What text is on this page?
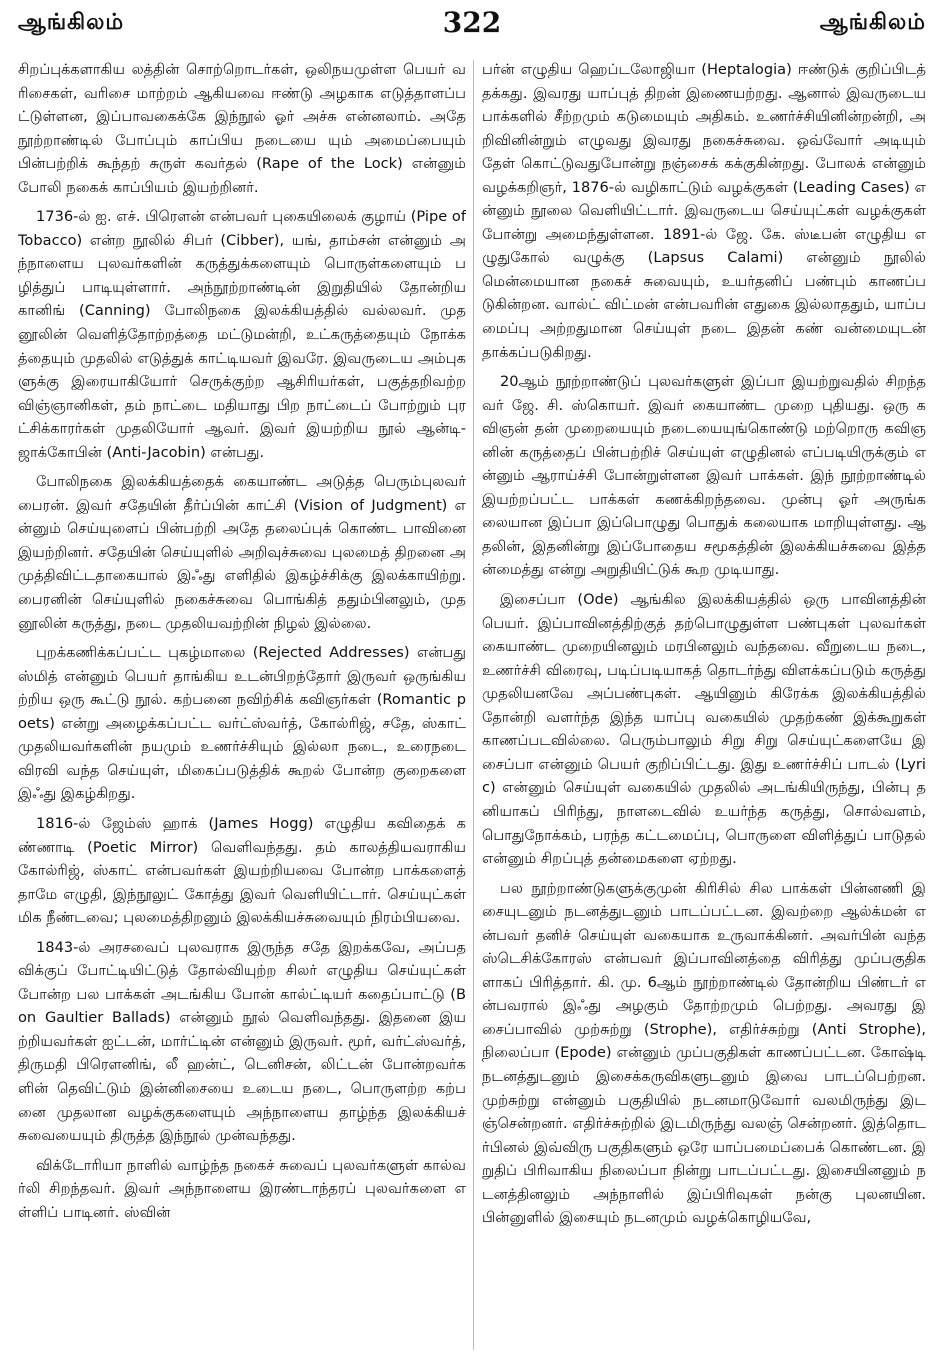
ஆங்கிலம்	322	ஆங்கிலம்

சிறப்புக்களாகிய லத்தின் சொற்றொடர்கள், ஒலிநயமுள்ள பெயர் வரிசைகள், வரிசை மாற்றம் ஆகியவை ஈண்டு அழகாக எடுத்தாளப்பட்டுள்ளன, இப்பாவகைக்கே இந்நூல் ஓர் அச்சு என்னலாம். அதே நூற்றாண்டில் போப்பும் காப்பிய நடையை யும் அமைப்பையும் பின்பற்றிக் கூந்தற் சுருள் கவர்தல் (Rape of the Lock) என்னும் போலி நகைக் காப்பியம் இயற்றினர்.

1736-ல் ஐ. எச். பிரௌன் என்பவர் புகையிலைக் குழாய் (Pipe of Tobacco) என்ற நூலில் சிபர் (Cibber), யங், தாம்சன் என்னும் அந்நாளைய புலவர்களின் கருத்துக்களையும் பொருள்களையும் பழித்துப் பாடியுள்ளார். அந்நூற்றாண்டின் இறுதியில் தோன்றிய கானிங் (Canning) போலிநகை இலக்கியத்தில் வல்லவர். முதனூலின் வெளித்தோற்றத்தை மட்டுமன்றி, உட்கருத்தையும் நோக்கத்தையும் முதலில் எடுத்துக் காட்டியவர் இவரே. இவருடைய அம்புகளுக்கு இரையாகியோர் செருக்குற்ற ஆசிரியர்கள், பகுத்தறிவற்ற விஞ்ஞானிகள், தம் நாட்டை மதியாது பிற நாட்டைப் போற்றும் புரட்சிக்காரர்கள் முதலியோர் ஆவர். இவர் இயற்றிய நூல் ஆன்டி-ஜாக்கோபின் (Anti-Jacobin) என்பது.

போலிநகை இலக்கியத்தைக் கையாண்ட அடுத்த பெரும்புலவர் பைரன். இவர் சதேயின் தீர்ப்பின் காட்சி (Vision of Judgment) என்னும் செய்யுளைப் பின்பற்றி அதே தலைப்புக் கொண்ட பாவினை இயற்றினர். சதேயின் செய்யுளில் அறிவுச்சுவை புலமைத் திறனை அமுத்திவிட்டதாகையால் இஃது எளிதில் இகழ்ச்சிக்கு இலக்காயிற்று. பைரனின் செய்யுளில் நகைச்சுவை பொங்கித் ததும்பினலும், முதனூலின் கருத்து, நடை முதலியவற்றின் நிழல் இல்லை.

புறக்கணிக்கப்பட்ட புகழ்மாலை (Rejected Addresses) என்பது ஸ்மித் என்னும் பெயர் தாங்கிய உடன்பிறந்தோர் இருவர் ஒருங்கியற்றிய ஒரு கூட்டு நூல். கற்பனை நவிற்சிக் கவிஞர்கள் (Romantic poets) என்று அழைக்கப்பட்ட வர்ட்ஸ்வர்த், கோல்ரிஜ், சதே, ஸ்காட் முதலியவர்களின் நயமும் உணர்ச்சியும் இல்லா நடை, உரைநடை விரவி வந்த செய்யுள், மிகைப்படுத்திக் கூறல் போன்ற குறைகளை இஃது இகழ்கிறது.

1816-ல் ஜேம்ஸ் ஹாக் (James Hogg) எழுதிய கவிதைக் கண்ணாடி (Poetic Mirror) வெளிவந்தது. தம் காலத்தியவராகிய கோல்ரிஜ், ஸ்காட் என்பவர்கள் இயற்றியவை போன்ற பாக்களைத் தாமே எழுதி, இந்நூலுட் கோத்து இவர் வெளியிட்டார். செய்யுட்கள் மிக நீண்டவை; புலமைத்திறனும் இலக்கியச்சுவையும் நிரம்பியவை.

1843-ல் அரசவைப் புலவராக இருந்த சதே இறக்கவே, அப்பதவிக்குப் போட்டியிட்டுத் தோல்வியுற்ற சிலர் எழுதிய செய்யுட்கள் போன்ற பல பாக்கள் அடங்கிய போன் கால்ட்டியர் கதைப்பாட்டு (Bon Gaultier Ballads) என்னும் நூல் வெளிவந்தது. இதனை இயற்றியவர்கள் ஐட்டன், மார்ட்டின் என்னும் இருவர். மூர், வர்ட்ஸ்வர்த், திருமதி பிரௌனிங், லீ ஹன்ட், டெனிசன், லிட்டன் போன்றவர்களின் தெவிட்டும் இன்னிசையை உடைய நடை, பொருளற்ற கற்பனை முதலான வழக்குகளையும் அந்நாளைய தாழ்ந்த இலக்கியச் சுவையையும் திருத்த இந்நூல் முன்வந்தது.

விக்டோரியா நாளில் வாழ்ந்த நகைச் சுவைப் புலவர்களுள் கால்வர்லி சிறந்தவர். இவர் அந்நாளைய இரண்டாந்தரப் புலவர்களை எள்ளிப் பாடினர். ஸ்வின்

பர்ன் எழுதிய ஹெப்டலோஜியா (Heptalogia) ஈண்டுக் குறிப்பிடத் தக்கது. இவரது யாப்புத் திறன் இணையற்றது. ஆனால் இவருடைய பாக்களில் சீற்றமும் கடுமையும் அதிகம். உணர்ச்சியினின்றன்றி, அறிவினின்றும் எழுவது இவரது நகைச்சுவை. ஒவ்வோர் அடியும் தேள் கொட்டுவதுபோன்று நஞ்சைக் கக்குகின்றது. போலக் என்னும் வழக்கறிஞர், 1876-ல் வழிகாட்டும் வழக்குகள் (Leading Cases) என்னும் நூலை வெளியிட்டார். இவருடைய செய்யுட்கள் வழக்குகள் போன்று அமைந்துள்ளன. 1891-ல் ஜே. கே. ஸ்டீபன் எழுதிய எழுதுகோல் வழுக்கு (Lapsus Calami) என்னும் நூலில் மென்மையான நகைச் சுவையும், உயர்தனிப் பண்பும் காணப்படுகின்றன. வால்ட் விட்மன் என்பவரின் எதுகை இல்லாததும், யாப்பமைப்பு அற்றதுமான செய்யுள் நடை இதன் கண் வன்மையுடன் தாக்கப்படுகிறது.

20ஆம் நூற்றாண்டுப் புலவர்களுள் இப்பா இயற்றுவதில் சிறந்தவர் ஜே. சி. ஸ்கொயர். இவர் கையாண்ட முறை புதியது. ஒரு கவிஞன் தன் முறையையும் நடையையுங்கொண்டு மற்றொரு கவிஞனின் கருத்தைப் பின்பற்றிச் செய்யுள் எழுதினல் எப்படியிருக்கும் என்னும் ஆராய்ச்சி போன்றுள்ளன இவர் பாக்கள். இந் நூற்றாண்டில் இயற்றப்பட்ட பாக்கள் கணக்கிறந்தவை. முன்பு ஓர் அருங்கலையான இப்பா இப்பொழுது பொதுக் கலையாக மாறியுள்ளது. ஆதலின், இதனின்று இப்போதைய சமூகத்தின் இலக்கியச்சுவை இத்தன்மைத்து என்று அறுதியிட்டுக் கூற முடியாது.

இசைப்பா (Ode) ஆங்கில இலக்கியத்தில் ஒரு பாவினத்தின் பெயர். இப்பாவினத்திற்குத் தற்பொழுதுள்ள பண்புகள் புலவர்கள் கையாண்ட முறையினலும் மரபினலும் வந்தவை. வீறுடைய நடை, உணர்ச்சி விரைவு, படிப்படியாகத் தொடர்ந்து விளக்கப்படும் கருத்து முதலியனவே அப்பண்புகள். ஆயினும் கிரேக்க இலக்கியத்தில் தோன்றி வளர்ந்த இந்த யாப்பு வகையில் முதற்கண் இக்கூறுகள் காணப்படவில்லை. பெரும்பாலும் சிறு சிறு செய்யுட்களையே இசைப்பா என்னும் பெயர் குறிப்பிட்டது. இது உணர்ச்சிப் பாடல் (Lyric) என்னும் செய்யுள் வகையில் முதலில் அடங்கியிருந்து, பின்பு தனியாகப் பிரிந்து, நாளடைவில் உயர்ந்த கருத்து, சொல்வளம், பொதுநோக்கம், பரந்த கட்டமைப்பு, பொருளை விளித்துப் பாடுதல் என்னும் சிறப்புத் தன்மைகளை ஏற்றது.

பல நூற்றாண்டுகளுக்குமுன் கிரிசில் சில பாக்கள் பின்னணி இசையுடனும் நடனத்துடனும் பாடப்பட்டன. இவற்றை ஆல்க்மன் என்பவர் தனிச் செய்யுள் வகையாக உருவாக்கினர். அவர்பின் வந்த ஸ்டெசிக்கோரஸ் என்பவர் இப்பாவினத்தை விரித்து முப்பகுதிகளாகப் பிரித்தார். கி. மு. 6ஆம் நூற்றாண்டில் தோன்றிய பிண்டர் என்பவரால் இஃது அழகும் தோற்றமும் பெற்றது. அவரது இசைப்பாவில் முற்சுற்று (Strophe), எதிர்ச்சுற்று (Anti Strophe), நிலைப்பா (Epode) என்னும் முப்பகுதிகள் காணப்பட்டன. கோஷ்டி நடனத்துடனும் இசைக்கருவிகளுடனும் இவை பாடப்பெற்றன. முற்சுற்று என்னும் பகுதியில் நடனமாடுவோர் வலமிருந்து இடஞ்சென்றனர். எதிர்ச்சுற்றில் இடமிருந்து வலஞ் சென்றனர். இத்தொடர்பினல் இவ்விரு பகுதிகளும் ஒரே யாப்பமைப்பைக் கொண்டன. இறுதிப் பிரிவாகிய நிலைப்பா நின்று பாடப்பட்டது. இசையினனும் நடனத்தினலும் அந்நாளில் இப்பிரிவுகள் நன்கு புலனயின. பின்னுளில் இசையும் நடனமும் வழக்கொழியவே,
